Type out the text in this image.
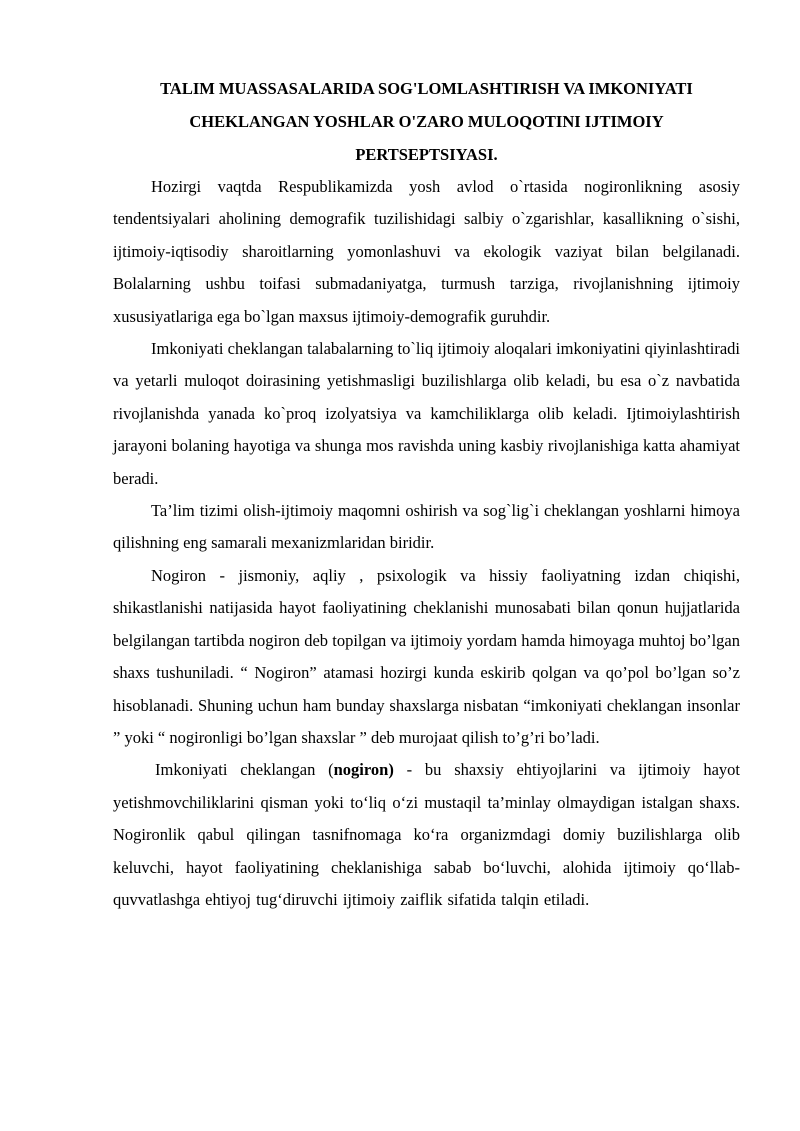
TALIM MUASSASALARIDA SOG'LOMLASHTIRISH VA IMKONIYATI
CHEKLANGAN YOSHLAR O'ZARO MULOQOTINI IJTIMOIY
PERTSEPTSIYASI.

Hozirgi vaqtda Respublikamizda yosh avlod o`rtasida nogironlikning asosiy tendentsiyalari aholining demografik tuzilishidagi salbiy o`zgarishlar, kasallikning o`sishi, ijtimoiy-iqtisodiy sharoitlarning yomonlashuvi va ekologik vaziyat bilan belgilanadi. Bolalarning ushbu toifasi submadaniyatga, turmush tarziga, rivojlanishning ijtimoiy xususiyatlariga ega bo`lgan maxsus ijtimoiy-demografik guruhdir.

Imkoniyati cheklangan talabalarning to`liq ijtimoiy aloqalari imkoniyatini qiyinlashtiradi va yetarli muloqot doirasining yetishmasligi buzilishlarga olib keladi, bu esa o`z navbatida rivojlanishda yanada ko`proq izolyatsiya va kamchiliklarga olib keladi. Ijtimoiylashtirish jarayoni bolaning hayotiga va shunga mos ravishda uning kasbiy rivojlanishiga katta ahamiyat beradi.

Ta’lim tizimi olish-ijtimoiy maqomni oshirish va sog`lig`i cheklangan yoshlarni himoya qilishning eng samarali mexanizmlaridan biridir.

Nogiron - jismoniy, aqliy , psixologik va hissiy faoliyatning izdan chiqishi, shikastlanishi natijasida hayot faoliyatining cheklanishi munosabati bilan qonun hujjatlarida belgilangan tartibda nogiron deb topilgan va ijtimoiy yordam hamda himoyaga muhtoj bo’lgan shaxs tushuniladi. “ Nogiron” atamasi hozirgi kunda eskirib qolgan va qo’pol bo’lgan so’z hisoblanadi. Shuning uchun ham bunday shaxslarga nisbatan “imkoniyati cheklangan insonlar ” yoki “ nogironligi bo’lgan shaxslar ” deb murojaat qilish to’g’ri bo’ladi.

Imkoniyati cheklangan (nogiron) - bu shaxsiy ehtiyojlarini va ijtimoiy hayot yetishmovchiliklarini qisman yoki to‘liq o‘zi mustaqil ta’minlay olmaydigan istalgan shaxs. Nogironlik qabul qilingan tasnifnomaga ko‘ra organizmdagi domiy buzilishlarga olib keluvchi, hayot faoliyatining cheklanishiga sabab bo‘luvchi, alohida ijtimoiy qo‘llab-quvvatlashga ehtiyoj tug‘diruvchi ijtimoiy zaiflik sifatida talqin etiladi.
